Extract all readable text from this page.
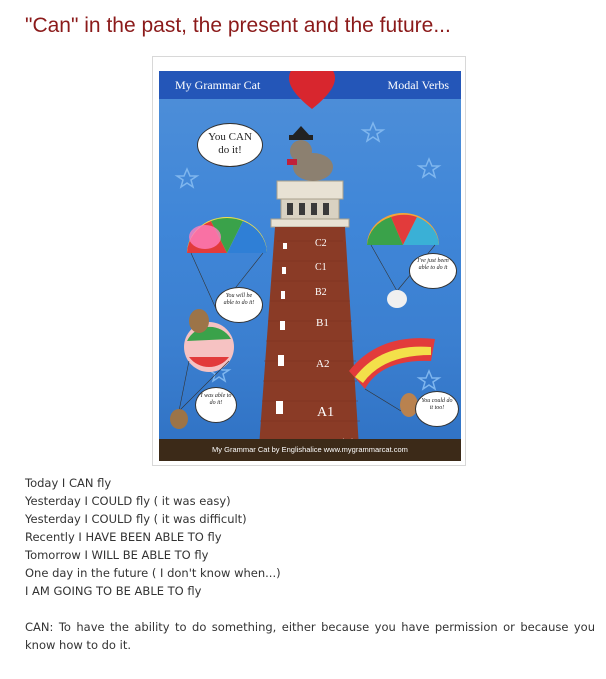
"Can" in the past, the present and the future...
My Grammar Cat	Modal Verbs
C2
C1
B2
B1
A2
A1
You CAN do it!
I've just been able to do it
You will be able to do it!
I was able to do it!	You could do it too!
My Grammar Cat by Englishalice www.mygrammarcat.com
Today I CAN fly
Yesterday I COULD fly ( it was easy)
Yesterday I COULD fly ( it was difficult)
Recently I HAVE BEEN ABLE TO fly
Tomorrow I WILL BE ABLE TO fly
One day in the future ( I don't know when...)
I AM GOING TO BE ABLE TO fly

CAN: To have the ability to do something, either because you have permission or because you know how to do it.
